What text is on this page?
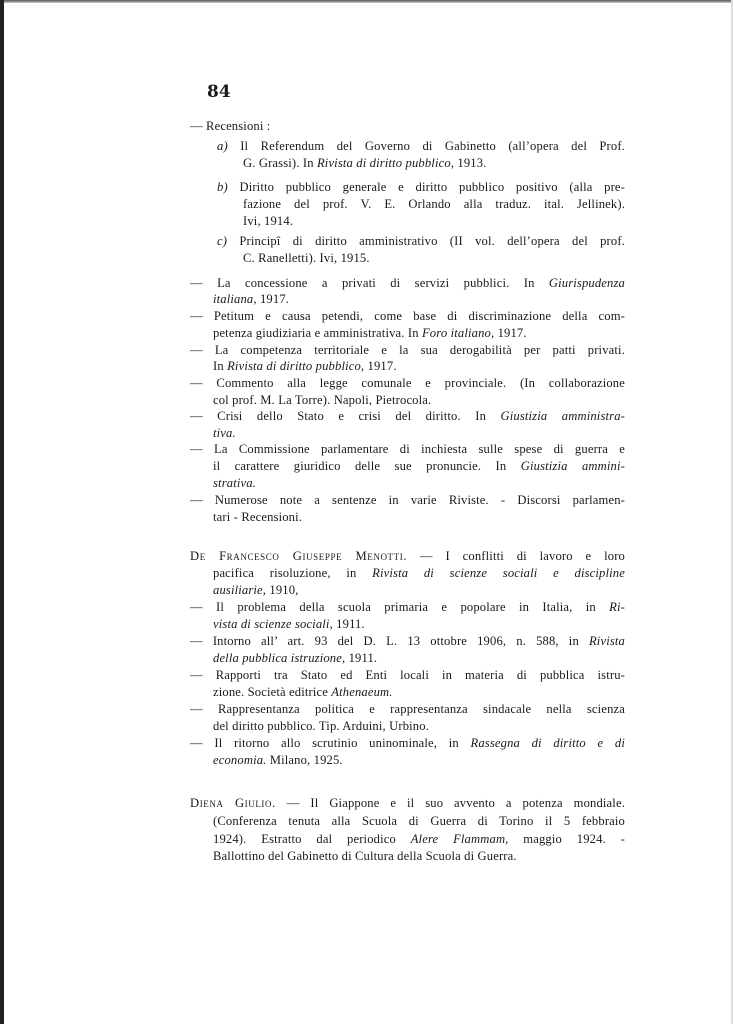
84
— Recensioni :
a) Il Referendum del Governo di Gabinetto (all’opera del Prof.
G. Grassi). In Rivista di diritto pubblico, 1913.
b) Diritto pubblico generale e diritto pubblico positivo (alla pre-
fazione del prof. V. E. Orlando alla traduz. ital. Jellinek).
Ivi, 1914.
c) Principî di diritto amministrativo (II vol. dell’opera del prof.
C. Ranelletti). Ivi, 1915.
— La concessione a privati di servizi pubblici. In Giurispudenza
italiana, 1917.
— Petitum e causa petendi, come base di discriminazione della com-
petenza giudiziaria e amministrativa. In Foro italiano, 1917.
— La competenza territoriale e la sua derogabilità per patti privati.
In Rivista di diritto pubblico, 1917.
— Commento alla legge comunale e provinciale. (In collaborazione
col prof. M. La Torre). Napoli, Pietrocola.
— Crisi dello Stato e crisi del diritto. In Giustizia amministra-
tiva.
— La Commissione parlamentare di inchiesta sulle spese di guerra e
il carattere giuridico delle sue pronuncie. In Giustizia ammini-
strativa.
— Numerose note a sentenze in varie Riviste. - Discorsi parlamen-
tari - Recensioni.
De Francesco Giuseppe Menotti. — I conflitti di lavoro e loro
pacifica risoluzione, in Rivista di scienze sociali e discipline
ausiliarie, 1910,
— Il problema della scuola primaria e popolare in Italia, in Ri-
vista di scienze sociali, 1911.
— Intorno all’ art. 93 del D. L. 13 ottobre 1906, n. 588, in Rivista
della pubblica istruzione, 1911.
— Rapporti tra Stato ed Enti locali in materia di pubblica istru-
zione. Società editrice Athenaeum.
— Rappresentanza politica e rappresentanza sindacale nella scienza
del diritto pubblico. Tip. Arduini, Urbino.
— Il ritorno allo scrutinio uninominale, in Rassegna di diritto e di
economia. Milano, 1925.
Diena Giulio. — Il Giappone e il suo avvento a potenza mondiale.
(Conferenza tenuta alla Scuola di Guerra di Torino il 5 febbraio
1924). Estratto dal periodico Alere Flammam, maggio 1924. -
Ballottino del Gabinetto di Cultura della Scuola di Guerra.
